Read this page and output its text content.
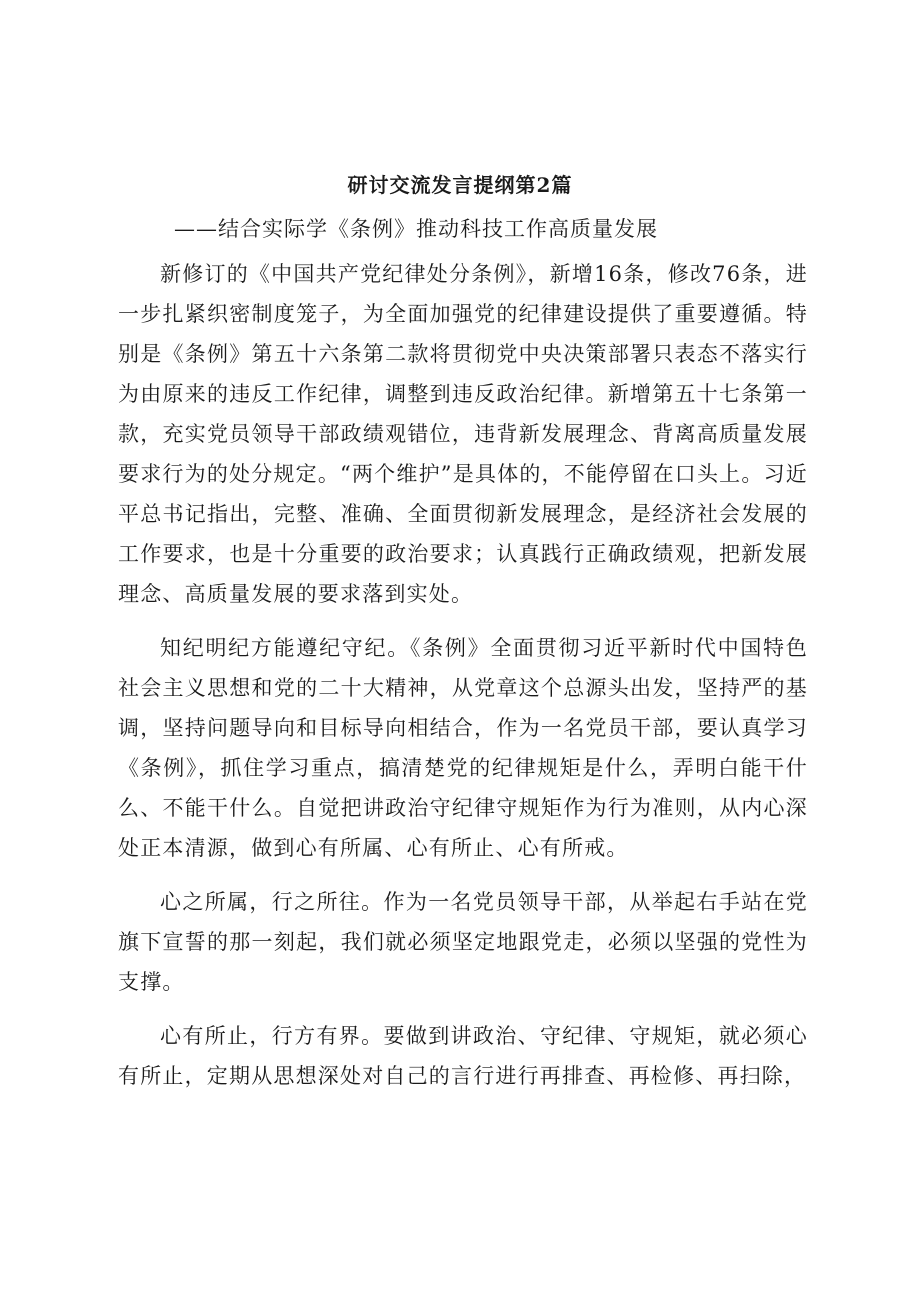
研讨交流发言提纲第2篇
——结合实际学《条例》推动科技工作高质量发展

新修订的《中国共产党纪律处分条例》，新增16条，修改76条，进一步扎紧织密制度笼子，为全面加强党的纪律建设提供了重要遵循。特别是《条例》第五十六条第二款将贯彻党中央决策部署只表态不落实行为由原来的违反工作纪律，调整到违反政治纪律。新增第五十七条第一款，充实党员领导干部政绩观错位，违背新发展理念、背离高质量发展要求行为的处分规定。“两个维护”是具体的，不能停留在口头上。习近平总书记指出，完整、准确、全面贯彻新发展理念，是经济社会发展的工作要求，也是十分重要的政治要求；认真践行正确政绩观，把新发展理念、高质量发展的要求落到实处。

知纪明纪方能遵纪守纪。《条例》全面贯彻习近平新时代中国特色社会主义思想和党的二十大精神，从党章这个总源头出发，坚持严的基调，坚持问题导向和目标导向相结合，作为一名党员干部，要认真学习《条例》，抓住学习重点，搞清楚党的纪律规矩是什么，弄明白能干什么、不能干什么。自觉把讲政治守纪律守规矩作为行为准则，从内心深处正本清源，做到心有所属、心有所止、心有所戒。

心之所属，行之所往。作为一名党员领导干部，从举起右手站在党旗下宣誓的那一刻起，我们就必须坚定地跟党走，必须以坚强的党性为支撑。

心有所止，行方有界。要做到讲政治、守纪律、守规矩，就必须心有所止，定期从思想深处对自己的言行进行再排查、再检修、再扫除，
